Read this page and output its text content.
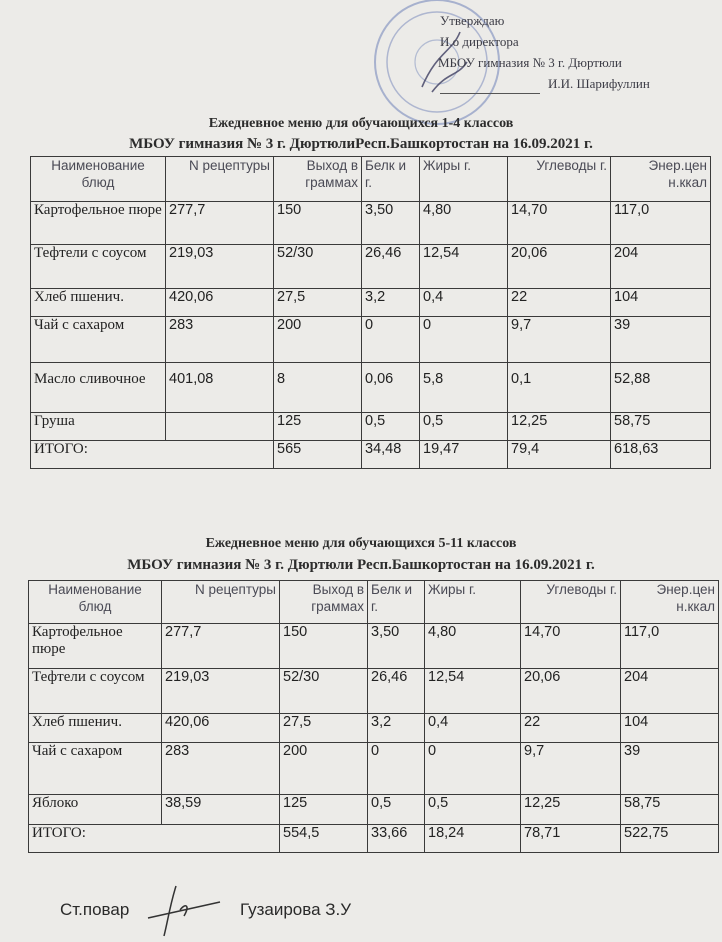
Утверждаю
И.о директора
МБОУ гимназия № 3 г. Дюртюли
И.И. Шарифуллин
Ежедневное меню для обучающихся 1-4 классов
МБОУ гимназия № 3 г. ДюртюлиРесп.Башкортостан на 16.09.2021 г.
Наименование блюд	N рецептуры	Выход в граммах	Белк и г.	Жиры г.	Углеводы г.	Энер.цен н.ккал
Картофельное пюре	277,7	150	3,50	4,80	14,70	117,0
Тефтели с соусом	219,03	52/30	26,46	12,54	20,06	204
Хлеб пшенич.	420,06	27,5	3,2	0,4	22	104
Чай с сахаром	283	200	0	0	9,7	39
Масло сливочное	401,08	8	0,06	5,8	0,1	52,88
Груша		125	0,5	0,5	12,25	58,75
ИТОГО:		565	34,48	19,47	79,4	618,63
Ежедневное меню для обучающихся 5-11 классов
МБОУ гимназия № 3 г. Дюртюли Респ.Башкортостан на 16.09.2021 г.
Наименование блюд	N рецептуры	Выход в граммах	Белк и г.	Жиры г.	Углеводы г.	Энер.цен н.ккал
Картофельное пюре	277,7	150	3,50	4,80	14,70	117,0
Тефтели с соусом	219,03	52/30	26,46	12,54	20,06	204
Хлеб пшенич.	420,06	27,5	3,2	0,4	22	104
Чай с сахаром	283	200	0	0	9,7	39
Яблоко	38,59	125	0,5	0,5	12,25	58,75
ИТОГО:		554,5	33,66	18,24	78,71	522,75
Ст.повар	Гузаирова З.У
